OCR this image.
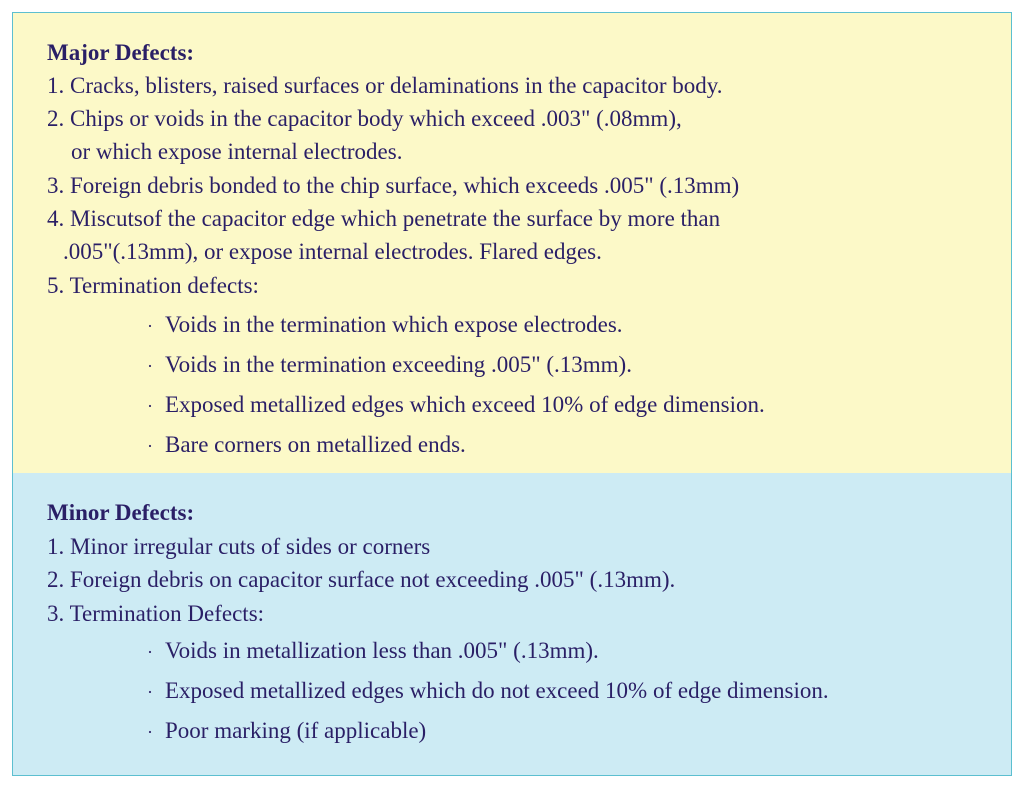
Major Defects:
1. Cracks, blisters, raised surfaces or delaminations in the capacitor body.
2. Chips or voids in the capacitor body which exceed .003" (.08mm),
or which expose internal electrodes.
3. Foreign debris bonded to the chip surface, which exceeds .005" (.13mm)
4. Miscutsof the capacitor edge which penetrate the surface by more than
.005"(.13mm), or expose internal electrodes. Flared edges.
5. Termination defects:
· Voids in the termination which expose electrodes.
· Voids in the termination exceeding .005" (.13mm).
· Exposed metallized edges which exceed 10% of edge dimension.
· Bare corners on metallized ends.
Minor Defects:
1. Minor irregular cuts of sides or corners
2. Foreign debris on capacitor surface not exceeding .005" (.13mm).
3. Termination Defects:
· Voids in metallization less than .005" (.13mm).
· Exposed metallized edges which do not exceed 10% of edge dimension.
· Poor marking (if applicable)
